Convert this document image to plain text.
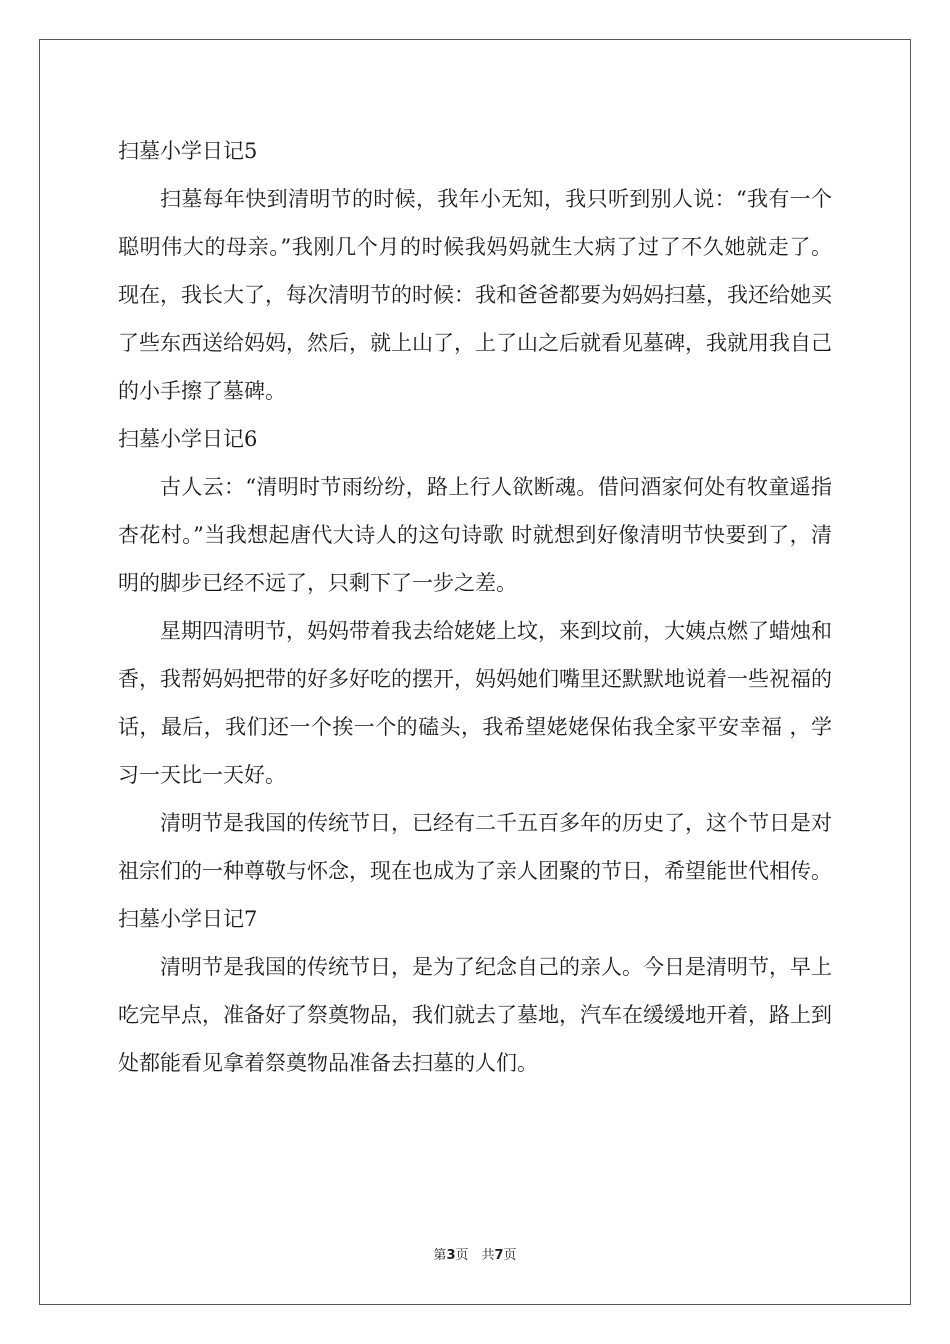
扫墓小学日记5

扫墓每年快到清明节的时候，我年小无知，我只听到别人说：“我有一个聪明伟大的母亲。”我刚几个月的时候我妈妈就生大病了过了不久她就走了。现在，我长大了，每次清明节的时候：我和爸爸都要为妈妈扫墓，我还给她买了些东西送给妈妈，然后，就上山了，上了山之后就看见墓碑，我就用我自己的小手擦了墓碑。

扫墓小学日记6

古人云：“清明时节雨纷纷，路上行人欲断魂。借问酒家何处有牧童遥指杏花村。”当我想起唐代大诗人的这句诗歌 时就想到好像清明节快要到了，清明的脚步已经不远了，只剩下了一步之差。

星期四清明节，妈妈带着我去给姥姥上坟，来到坟前，大姨点燃了蜡烛和香，我帮妈妈把带的好多好吃的摆开，妈妈她们嘴里还默默地说着一些祝福的话，最后，我们还一个挨一个的磕头，我希望姥姥保佑我全家平安幸福 ，学习一天比一天好。

清明节是我国的传统节日，已经有二千五百多年的历史了，这个节日是对祖宗们的一种尊敬与怀念，现在也成为了亲人团聚的节日，希望能世代相传。

扫墓小学日记7

清明节是我国的传统节日，是为了纪念自己的亲人。今日是清明节，早上吃完早点，准备好了祭奠物品，我们就去了墓地，汽车在缓缓地开着，路上到处都能看见拿着祭奠物品准备去扫墓的人们。

第3页　共7页
